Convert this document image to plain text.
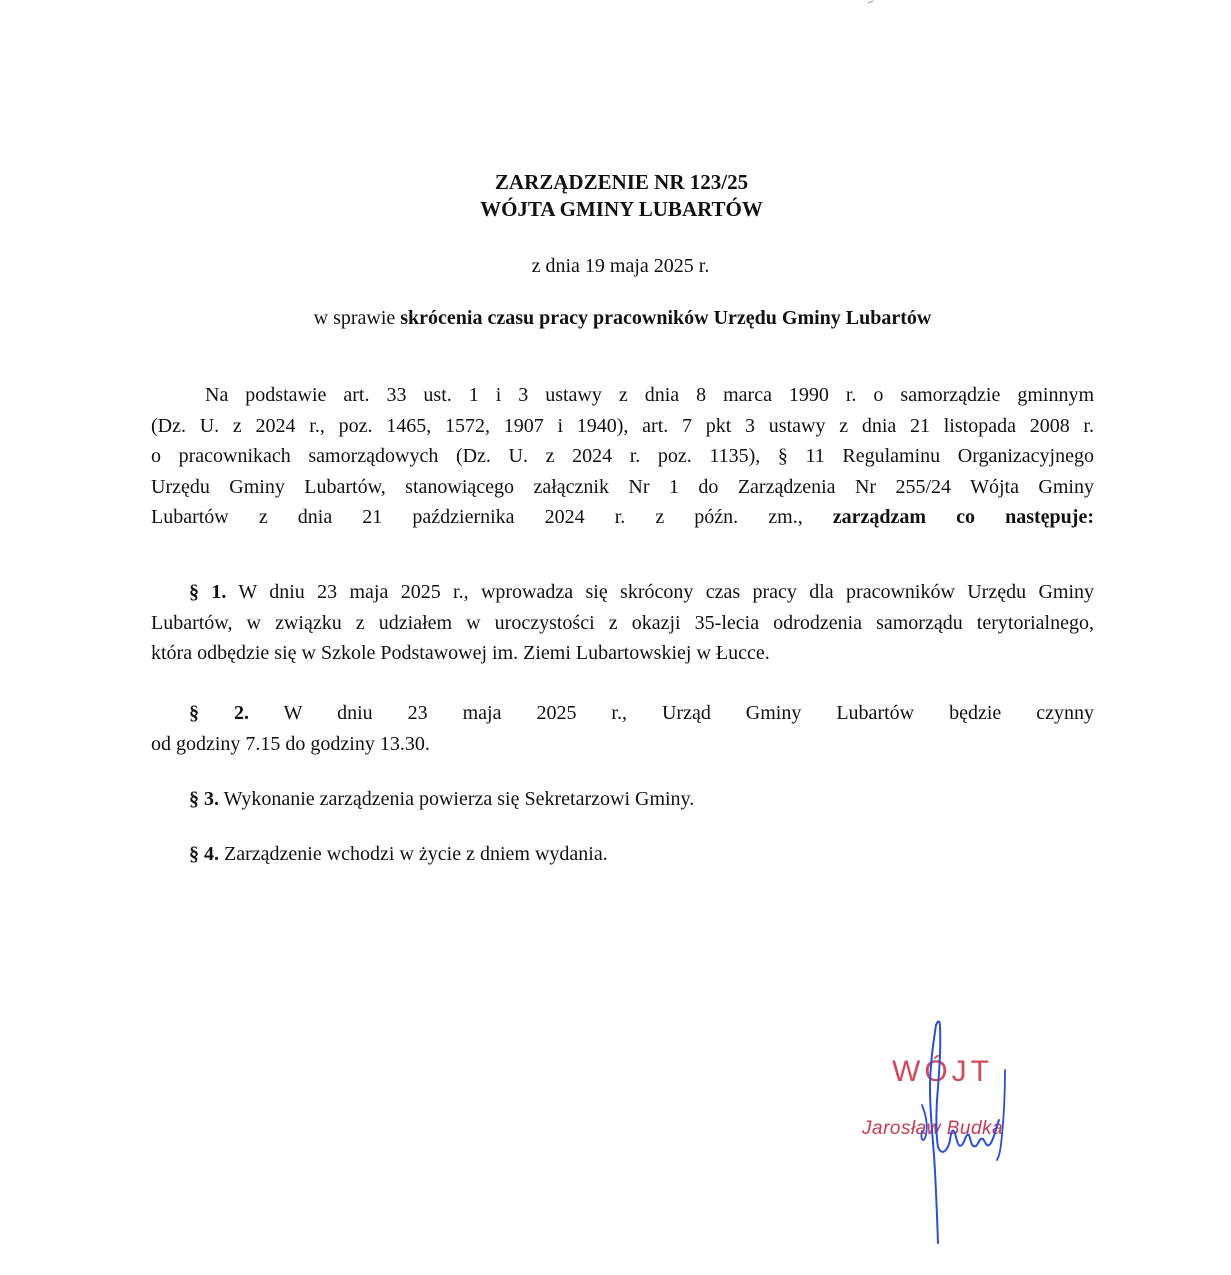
ZARZĄDZENIE NR 123/25
WÓJTA GMINY LUBARTÓW
z dnia 19 maja 2025 r.
w sprawie skrócenia czasu pracy pracowników Urzędu Gminy Lubartów
Na podstawie art. 33 ust. 1 i 3 ustawy z dnia 8 marca 1990 r. o samorządzie gminnym
(Dz. U. z 2024 r., poz. 1465, 1572, 1907 i 1940), art. 7 pkt 3 ustawy z dnia 21 listopada 2008 r.
o pracownikach samorządowych (Dz. U. z 2024 r. poz. 1135), § 11 Regulaminu Organizacyjnego
Urzędu Gminy Lubartów, stanowiącego załącznik Nr 1 do Zarządzenia Nr 255/24 Wójta Gminy
Lubartów z dnia 21 października 2024 r. z późn. zm., zarządzam co następuje:
§ 1. W dniu 23 maja 2025 r., wprowadza się skrócony czas pracy dla pracowników Urzędu Gminy
Lubartów, w związku z udziałem w uroczystości z okazji 35-lecia odrodzenia samorządu terytorialnego,
która odbędzie się w Szkole Podstawowej im. Ziemi Lubartowskiej w Łucce.
§ 2. W dniu 23 maja 2025 r., Urząd Gminy Lubartów będzie czynny
od godziny 7.15 do godziny 13.30.
§ 3. Wykonanie zarządzenia powierza się Sekretarzowi Gminy.
§ 4. Zarządzenie wchodzi w życie z dniem wydania.
WÓJT
Jarosław Budka
